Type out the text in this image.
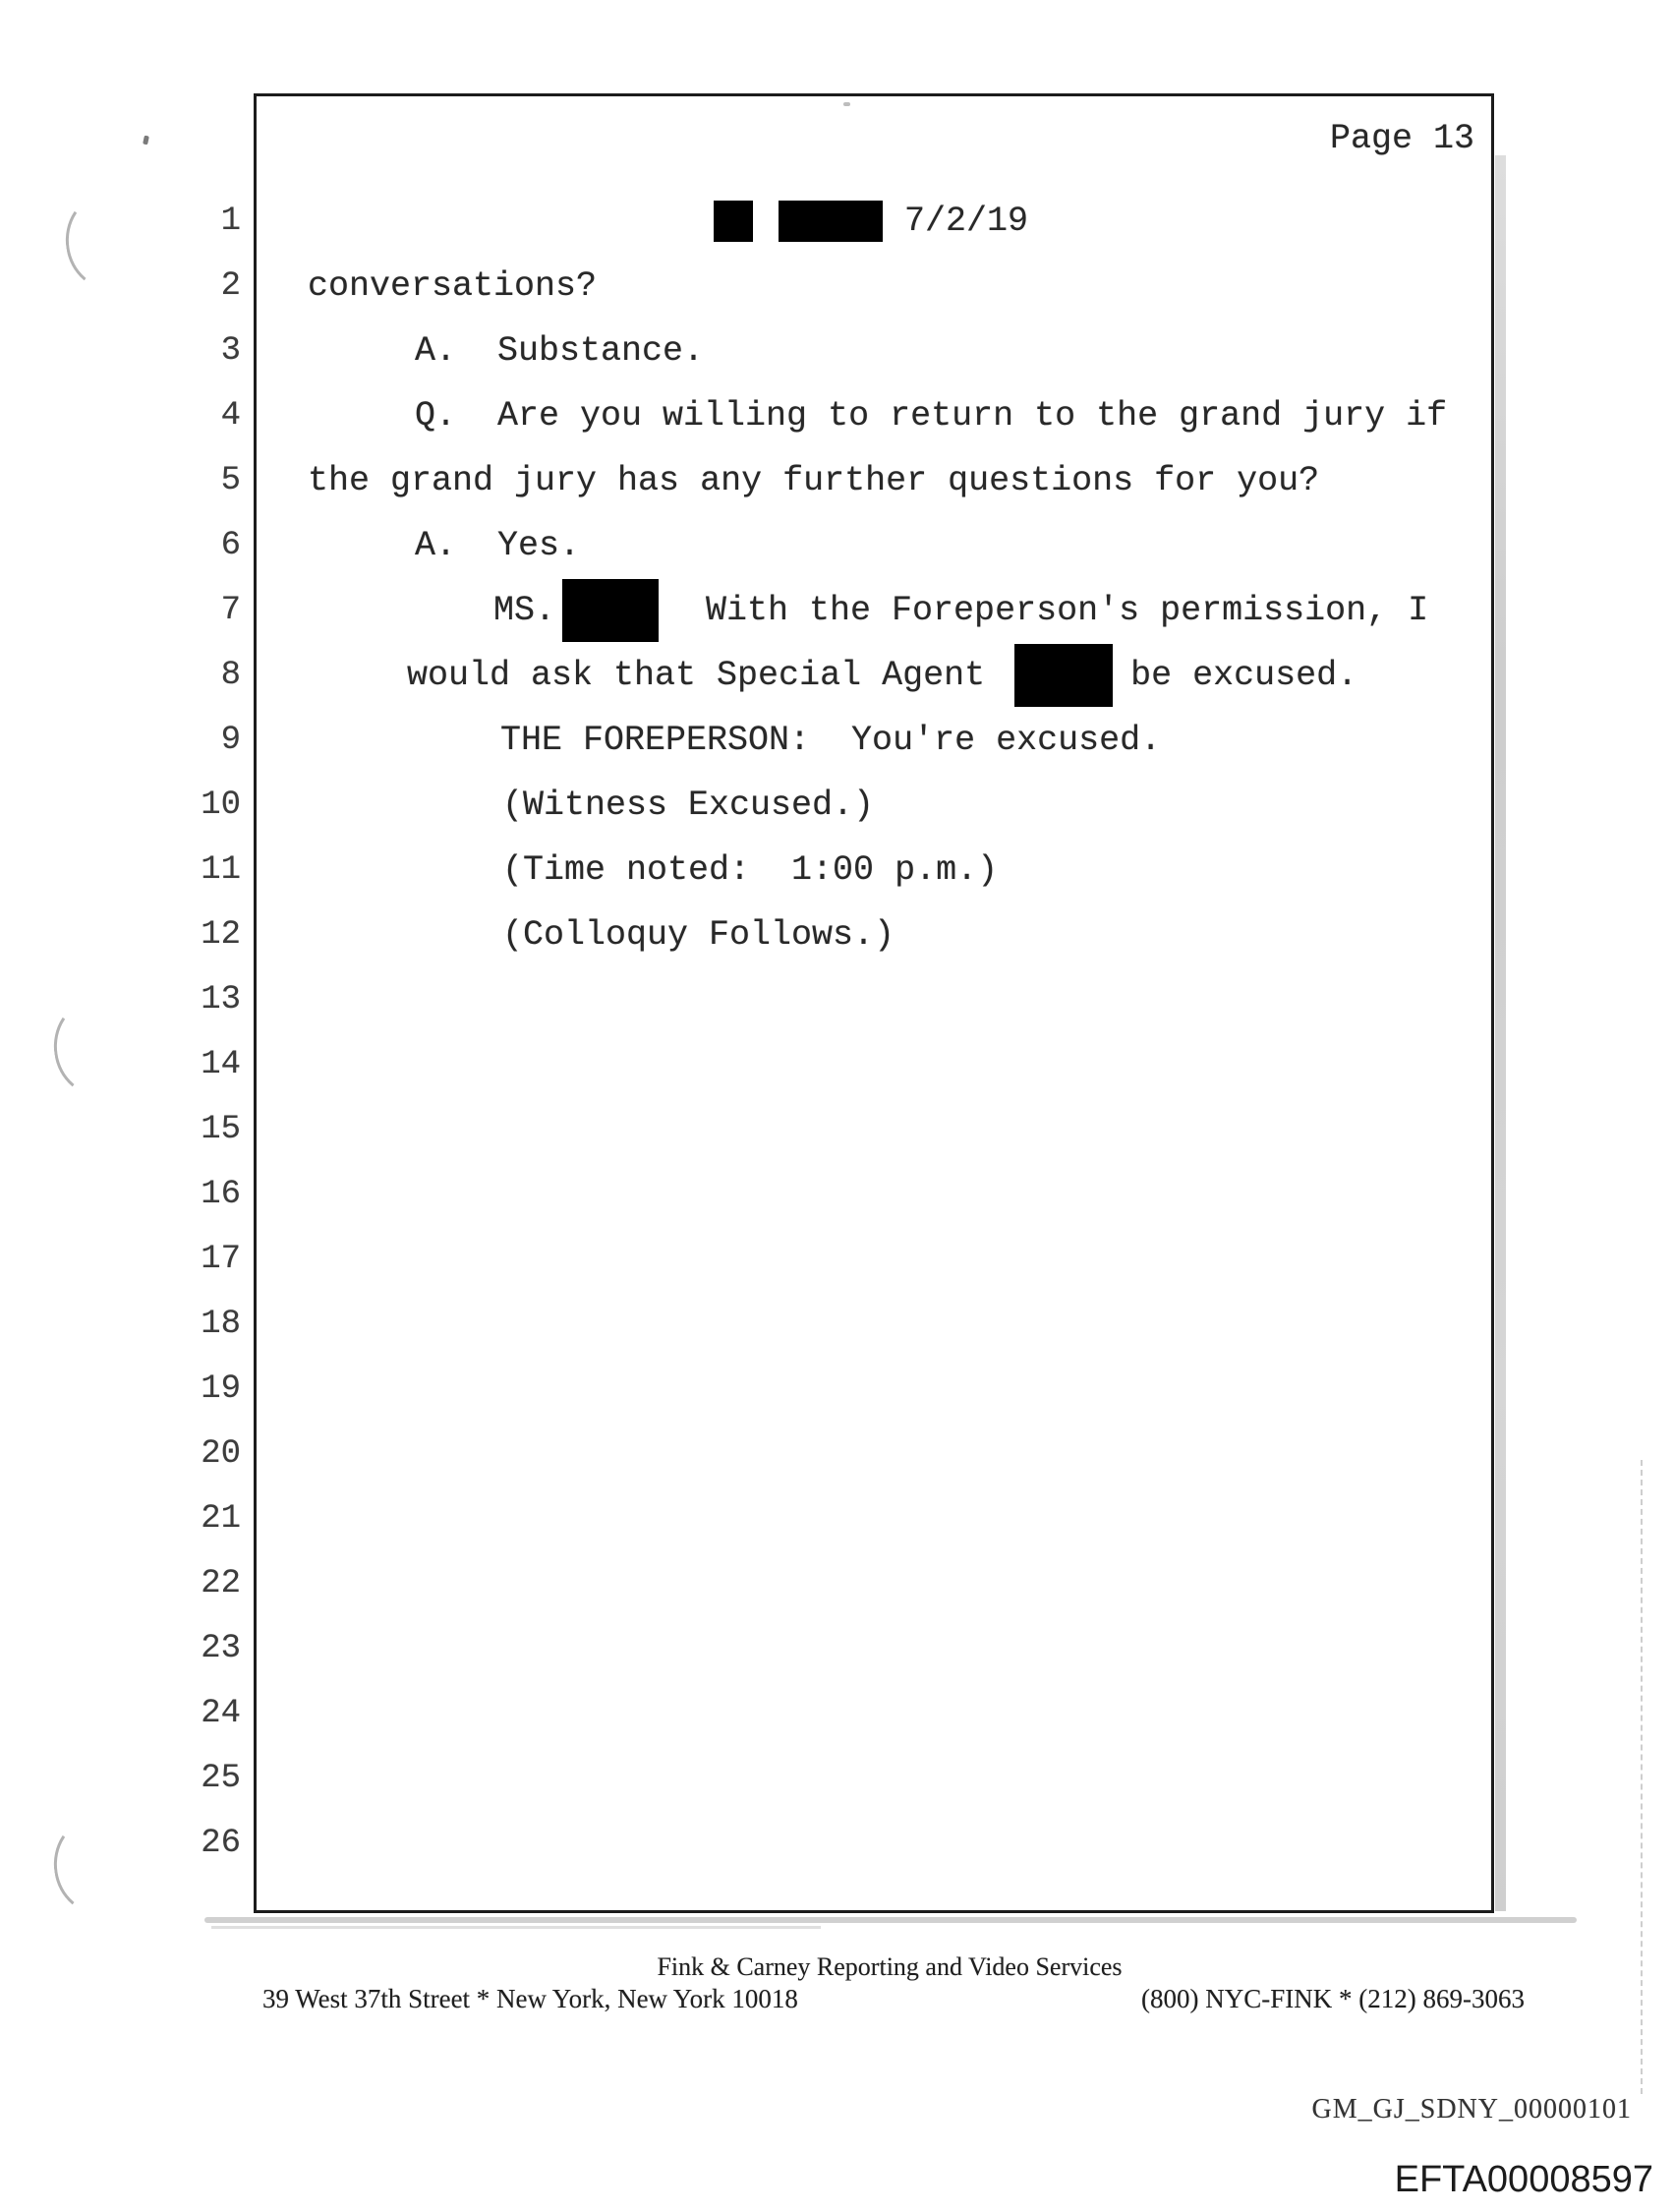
Page 13
1
2
3
4
5
6
7
8
9
10
11
12
13
14
15
16
17
18
19
20
21
22
23
24
25
26
7/2/19
conversations?
A.  Substance.
Q.  Are you willing to return to the grand jury if
the grand jury has any further questions for you?
A.  Yes.
MS.	With the Foreperson's permission, I
would ask that Special Agent	be excused.
THE FOREPERSON:  You're excused.
(Witness Excused.)
(Time noted:  1:00 p.m.)
(Colloquy Follows.)
Fink & Carney Reporting and Video Services
39 West 37th Street * New York, New York 10018	(800) NYC-FINK * (212) 869-3063
GM_GJ_SDNY_00000101
EFTA00008597
